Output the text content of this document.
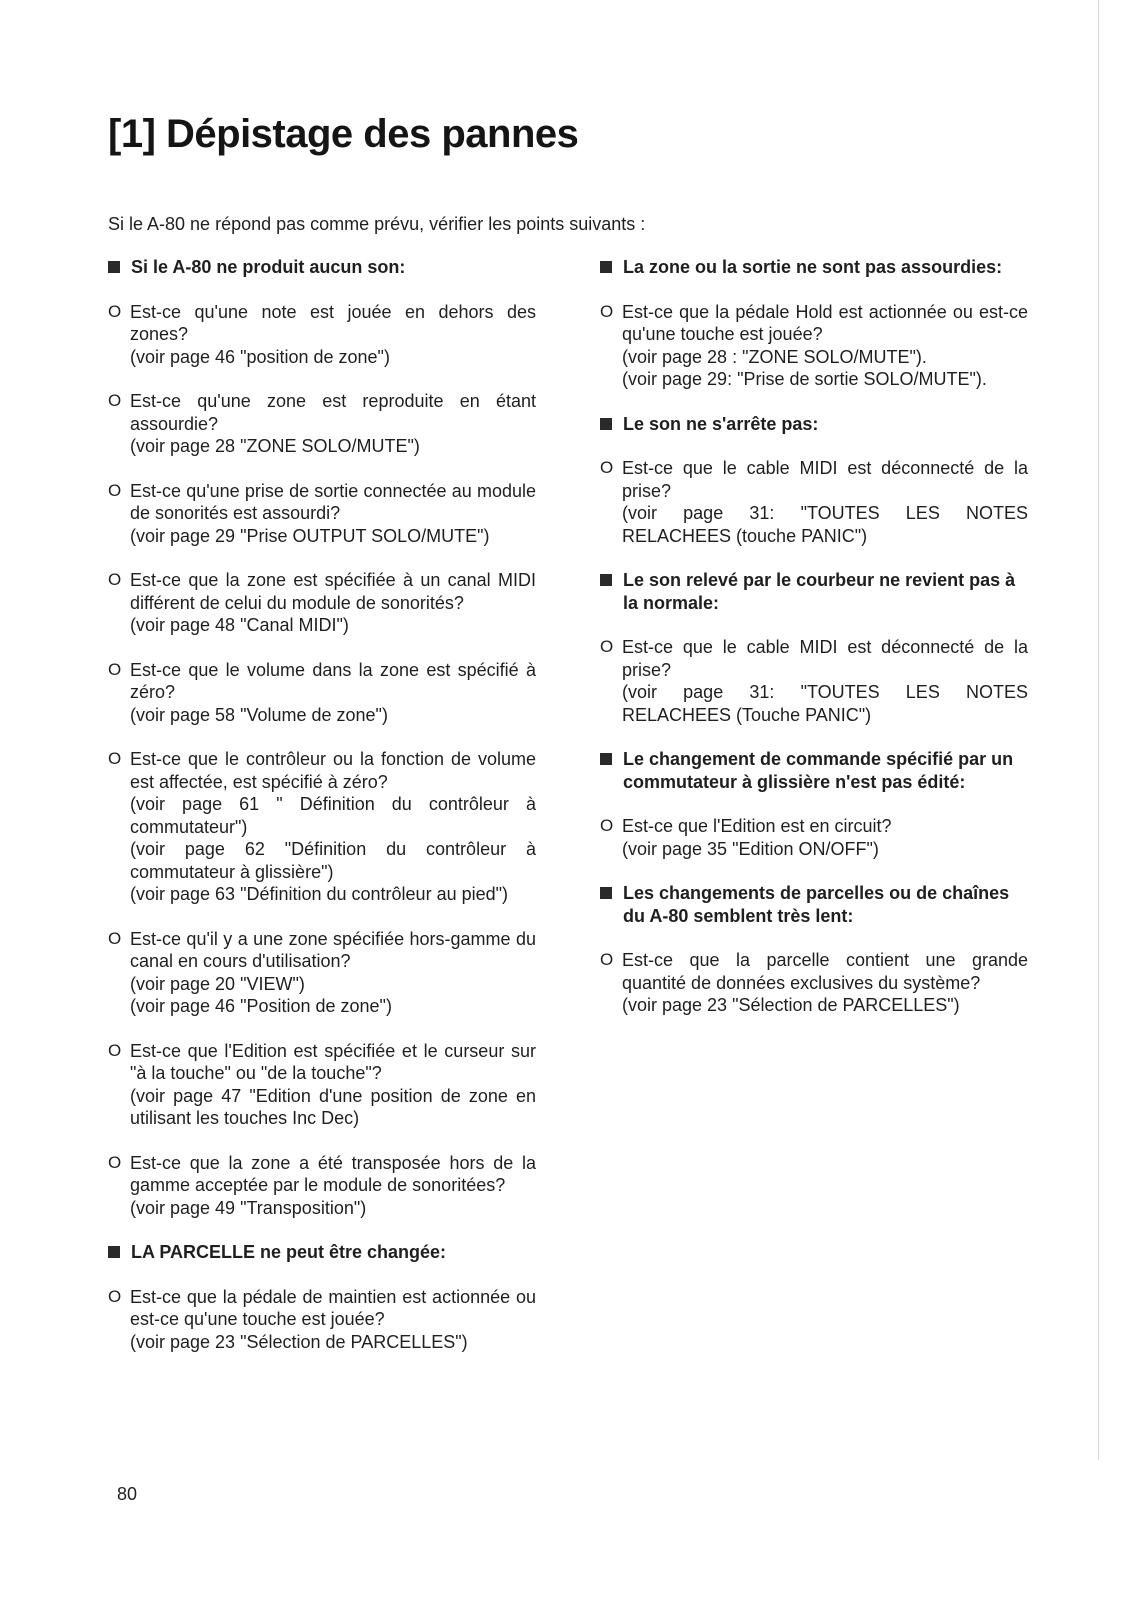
[1] Dépistage des pannes
Si le A-80 ne répond pas comme prévu, vérifier les points suivants :
Si le A-80 ne produit aucun son:
O Est-ce qu'une note est jouée en dehors des zones?
(voir page 46 "position de zone")
O Est-ce qu'une zone est reproduite en étant assourdie?
(voir page 28 "ZONE SOLO/MUTE")
O Est-ce qu'une prise de sortie connectée au module de sonorités est assourdi?
(voir page 29 "Prise OUTPUT SOLO/MUTE")
O Est-ce que la zone est spécifiée à un canal MIDI différent de celui du module de sonorités?
(voir page 48 "Canal MIDI")
O Est-ce que le volume dans la zone est spécifié à zéro?
(voir page 58 "Volume de zone")
O Est-ce que le contrôleur ou la fonction de volume est affectée, est spécifié à zéro?
(voir page 61 " Définition du contrôleur à commutateur")
(voir page 62 "Définition du contrôleur à commutateur à glissière")
(voir page 63 "Définition du contrôleur au pied")
O Est-ce qu'il y a une zone spécifiée hors-gamme du canal en cours d'utilisation?
(voir page 20 "VIEW")
(voir page 46 "Position de zone")
O Est-ce que l'Edition est spécifiée et le curseur sur "à la touche" ou "de la touche"?
(voir page 47 "Edition d'une position de zone en utilisant les touches Inc Dec)
O Est-ce que la zone a été transposée hors de la gamme acceptée par le module de sonoritées?
(voir page 49 "Transposition")
LA PARCELLE ne peut être changée:
O Est-ce que la pédale de maintien est actionnée ou est-ce qu'une touche est jouée?
(voir page 23 "Sélection de PARCELLES")
La zone ou la sortie ne sont pas assourdies:
O Est-ce que la pédale Hold est actionnée ou est-ce qu'une touche est jouée?
(voir page 28 : "ZONE SOLO/MUTE").
(voir page 29: "Prise de sortie SOLO/MUTE").
Le son ne s'arrête pas:
O Est-ce que le cable MIDI est déconnecté de la prise?
(voir page 31: "TOUTES LES NOTES RELACHEES (touche PANIC")
Le son relevé par le courbeur ne revient pas à la normale:
O Est-ce que le cable MIDI est déconnecté de la prise?
(voir page 31: "TOUTES LES NOTES RELACHEES (Touche PANIC")
Le changement de commande spécifié par un commutateur à glissière n'est pas édité:
O Est-ce que l'Edition est en circuit?
(voir page 35 "Edition ON/OFF")
Les changements de parcelles ou de chaînes du A-80 semblent très lent:
O Est-ce que la parcelle contient une grande quantité de données exclusives du système?
(voir page 23 "Sélection de PARCELLES")
80
